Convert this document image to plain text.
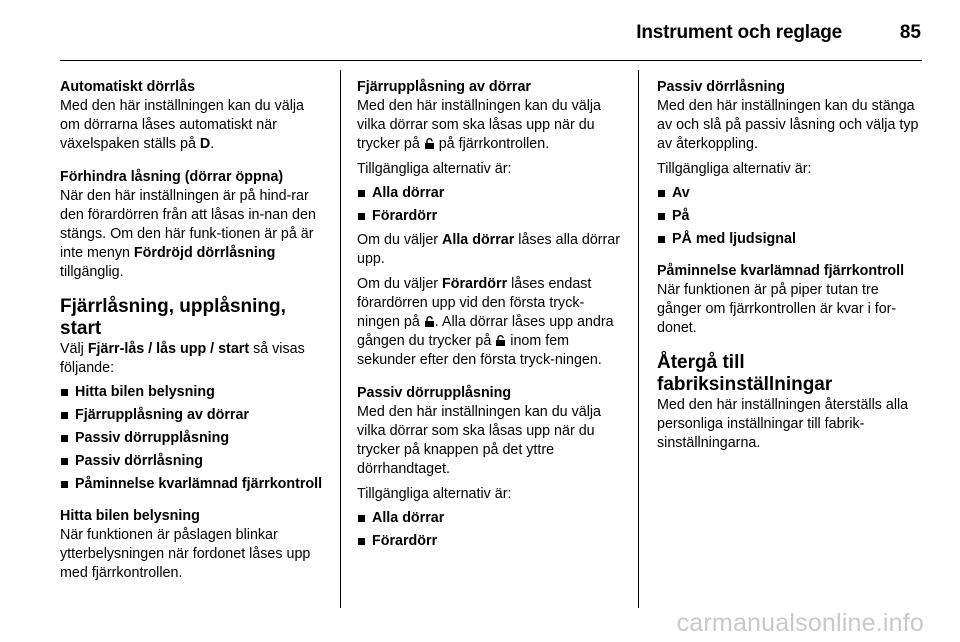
Instrument och reglage	85
Automatiskt dörrlås
Med den här inställningen kan du välja om dörrarna låses automatiskt när växelspaken ställs på D.
Förhindra låsning (dörrar öppna)
När den här inställningen är på hind-rar den förardörren från att låsas in-nan den stängs. Om den här funk-tionen är på är inte menyn Fördröjd dörrlåsning tillgänglig.
Fjärrlåsning, upplåsning, start
Välj Fjärr-lås / lås upp / start så visas följande:
Hitta bilen belysning
Fjärrupplåsning av dörrar
Passiv dörrupplåsning
Passiv dörrlåsning
Påminnelse kvarlämnad fjärrkontroll
Hitta bilen belysning
När funktionen är påslagen blinkar ytterbelysningen när fordonet låses upp med fjärrkontrollen.
Fjärrupplåsning av dörrar
Med den här inställningen kan du välja vilka dörrar som ska låsas upp när du trycker på  på fjärrkontrollen.
Tillgängliga alternativ är:
Alla dörrar
Förardörr
Om du väljer Alla dörrar låses alla dörrar upp.
Om du väljer Förardörr låses endast förardörren upp vid den första tryck-ningen på . Alla dörrar låses upp andra gången du trycker på  inom fem sekunder efter den första tryck-ningen.
Passiv dörrupplåsning
Med den här inställningen kan du välja vilka dörrar som ska låsas upp när du trycker på knappen på det yttre dörrhandtaget.
Tillgängliga alternativ är:
Alla dörrar
Förardörr
Passiv dörrlåsning
Med den här inställningen kan du stänga av och slå på passiv låsning och välja typ av återkoppling.
Tillgängliga alternativ är:
Av
På
PÅ med ljudsignal
Påminnelse kvarlämnad fjärrkontroll
När funktionen är på piper tutan tre gånger om fjärrkontrollen är kvar i for-donet.
Återgå till fabriksinställningar
Med den här inställningen återställs alla personliga inställningar till fabrik-sinställningarna.
carmanualsonline.info
